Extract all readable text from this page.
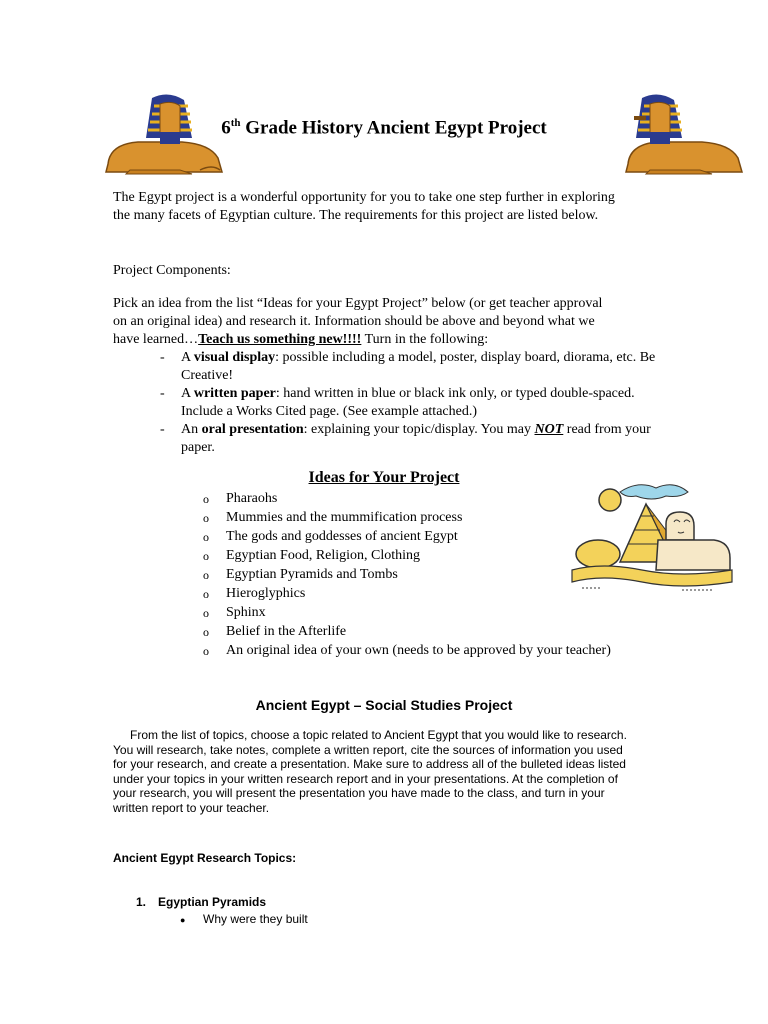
6th Grade History Ancient Egypt Project
The Egypt project is a wonderful opportunity for you to take one step further in exploring
the many facets of Egyptian culture. The requirements for this project are listed below.
Project Components:
Pick an idea from the list “Ideas for your Egypt Project” below (or get teacher approval
on an original idea) and research it. Information should be above and beyond what we
have learned…Teach us something new!!!! Turn in the following:
- A visual display: possible including a model, poster, display board, diorama, etc. Be Creative!
- A written paper: hand written in blue or black ink only, or typed double-spaced. Include a Works Cited page. (See example attached.)
- An oral presentation: explaining your topic/display. You may NOT read from your paper.
Ideas for Your Project
o Pharaohs
o Mummies and the mummification process
o The gods and goddesses of ancient Egypt
o Egyptian Food, Religion, Clothing
o Egyptian Pyramids and Tombs
o Hieroglyphics
o Sphinx
o Belief in the Afterlife
o An original idea of your own (needs to be approved by your teacher)
Ancient Egypt – Social Studies Project
From the list of topics, choose a topic related to Ancient Egypt that you would like to research.
You will research, take notes, complete a written report, cite the sources of information you used
for your research, and create a presentation. Make sure to address all of the bulleted ideas listed
under your topics in your written research report and in your presentations. At the completion of
your research, you will present the presentation you have made to the class, and turn in your
written report to your teacher.
Ancient Egypt Research Topics:
1. Egyptian Pyramids
● Why were they built
